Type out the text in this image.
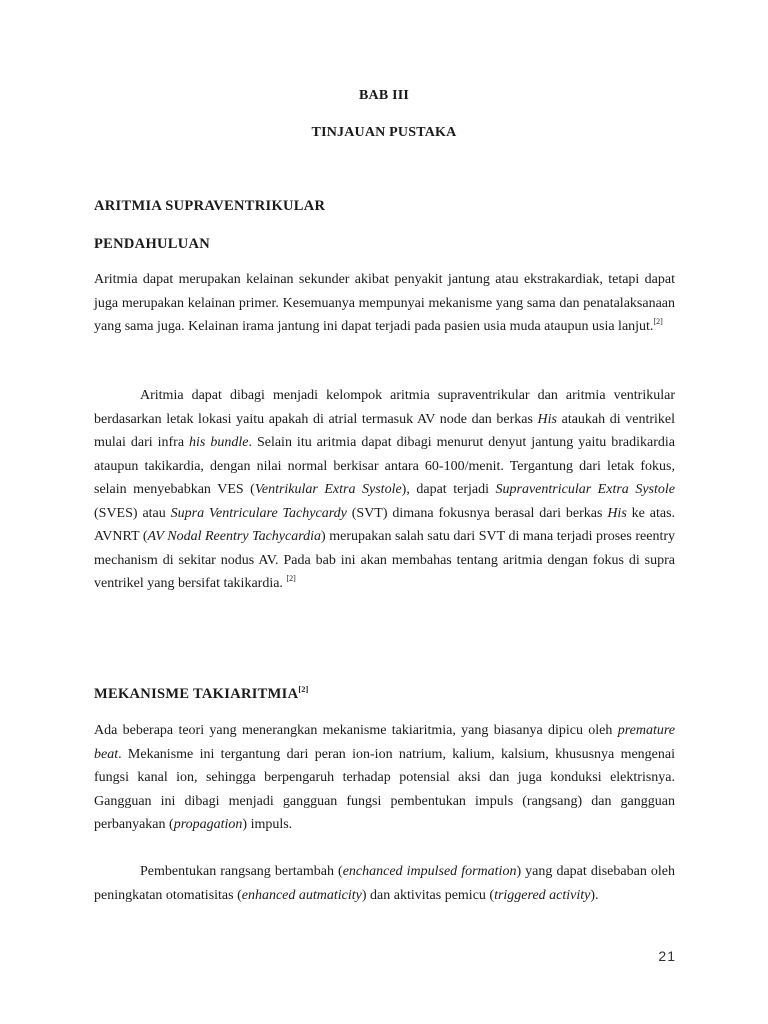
BAB III
TINJAUAN PUSTAKA
ARITMIA SUPRAVENTRIKULAR
PENDAHULUAN
Aritmia dapat merupakan kelainan sekunder akibat penyakit jantung atau ekstrakardiak, tetapi dapat juga merupakan kelainan primer. Kesemuanya mempunyai mekanisme yang sama dan penatalaksanaan yang sama juga. Kelainan irama jantung ini dapat terjadi pada pasien usia muda ataupun usia lanjut.[2]
Aritmia dapat dibagi menjadi kelompok aritmia supraventrikular dan aritmia ventrikular berdasarkan letak lokasi yaitu apakah di atrial termasuk AV node dan berkas His ataukah di ventrikel mulai dari infra his bundle. Selain itu aritmia dapat dibagi menurut denyut jantung yaitu bradikardia ataupun takikardia, dengan nilai normal berkisar antara 60-100/menit. Tergantung dari letak fokus, selain menyebabkan VES (Ventrikular Extra Systole), dapat terjadi Supraventricular Extra Systole (SVES) atau Supra Ventriculare Tachycardy (SVT) dimana fokusnya berasal dari berkas His ke atas. AVNRT (AV Nodal Reentry Tachycardia) merupakan salah satu dari SVT di mana terjadi proses reentry mechanism di sekitar nodus AV. Pada bab ini akan membahas tentang aritmia dengan fokus di supra ventrikel yang bersifat takikardia. [2]
MEKANISME TAKIARITMIA[2]
Ada beberapa teori yang menerangkan mekanisme takiaritmia, yang biasanya dipicu oleh premature beat. Mekanisme ini tergantung dari peran ion-ion natrium, kalium, kalsium, khususnya mengenai fungsi kanal ion, sehingga berpengaruh terhadap potensial aksi dan juga konduksi elektrisnya. Gangguan ini dibagi menjadi gangguan fungsi pembentukan impuls (rangsang) dan gangguan perbanyakan (propagation) impuls.
Pembentukan rangsang bertambah (enchanced impulsed formation) yang dapat disebaban oleh peningkatan otomatisitas (enhanced autmaticity) dan aktivitas pemicu (triggered activity).
21
